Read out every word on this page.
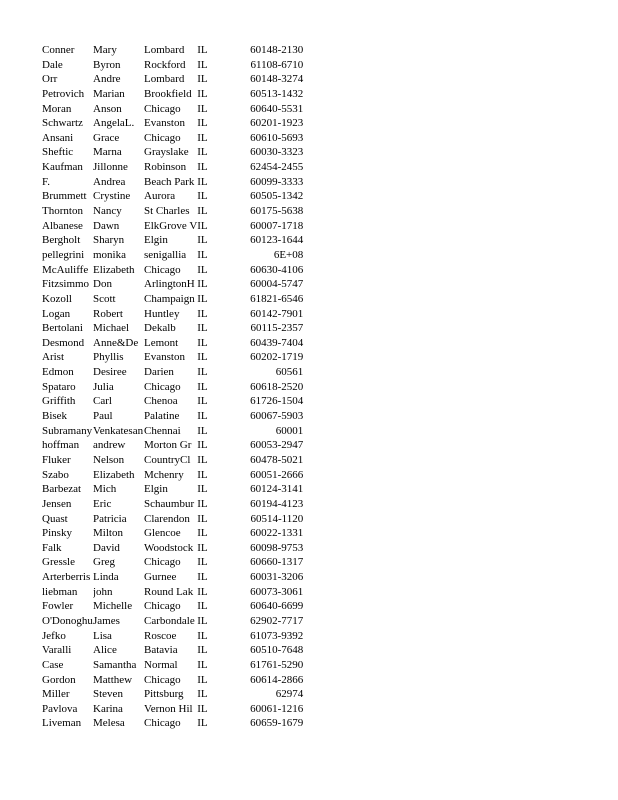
Conner	Mary	Lombard	IL	60148-2130
Dale	Byron	Rockford	IL	61108-6710
Orr	Andre	Lombard	IL	60148-3274
Petrovich	Marian	Brookfield	IL	60513-1432
Moran	Anson	Chicago	IL	60640-5531
Schwartz	AngelaL.	Evanston	IL	60201-1923
Ansani	Grace	Chicago	IL	60610-5693
Sheftic	Marna	Grayslake	IL	60030-3323
Kaufman	Jillonne	Robinson	IL	62454-2455
F.	Andrea	Beach Park	IL	60099-3333
Brummett	Crystine	Aurora	IL	60505-1342
Thornton	Nancy	St Charles	IL	60175-5638
Albanese	Dawn	ElkGrove V	IL	60007-1718
Bergholt	Sharyn	Elgin	IL	60123-1644
pellegrini	monika	senigallia	IL	6E+08
McAuliffe	Elizabeth	Chicago	IL	60630-4106
Fitzsimmo	Don	ArlingtonH	IL	60004-5747
Kozoll	Scott	Champaign	IL	61821-6546
Logan	Robert	Huntley	IL	60142-7901
Bertolani	Michael	Dekalb	IL	60115-2357
Desmond	Anne&De	Lemont	IL	60439-7404
Arist	Phyllis	Evanston	IL	60202-1719
Edmon	Desiree	Darien	IL	60561
Spataro	Julia	Chicago	IL	60618-2520
Griffith	Carl	Chenoa	IL	61726-1504
Bisek	Paul	Palatine	IL	60067-5903
Subramany	Venkatesan	Chennai	IL	60001
hoffman	andrew	Morton Gr	IL	60053-2947
Fluker	Nelson	CountryCl	IL	60478-5021
Szabo	Elizabeth	Mchenry	IL	60051-2666
Barbezat	Mich	Elgin	IL	60124-3141
Jensen	Eric	Schaumbur	IL	60194-4123
Quast	Patricia	Clarendon	IL	60514-1120
Pinsky	Milton	Glencoe	IL	60022-1331
Falk	David	Woodstock	IL	60098-9753
Gressle	Greg	Chicago	IL	60660-1317
Arterberris	Linda	Gurnee	IL	60031-3206
liebman	john	Round Lak	IL	60073-3061
Fowler	Michelle	Chicago	IL	60640-6699
O'Donoghu	James	Carbondale	IL	62902-7717
Jefko	Lisa	Roscoe	IL	61073-9392
Varalli	Alice	Batavia	IL	60510-7648
Case	Samantha	Normal	IL	61761-5290
Gordon	Matthew	Chicago	IL	60614-2866
Miller	Steven	Pittsburg	IL	62974
Pavlova	Karina	Vernon Hil	IL	60061-1216
Liveman	Melesa	Chicago	IL	60659-1679
